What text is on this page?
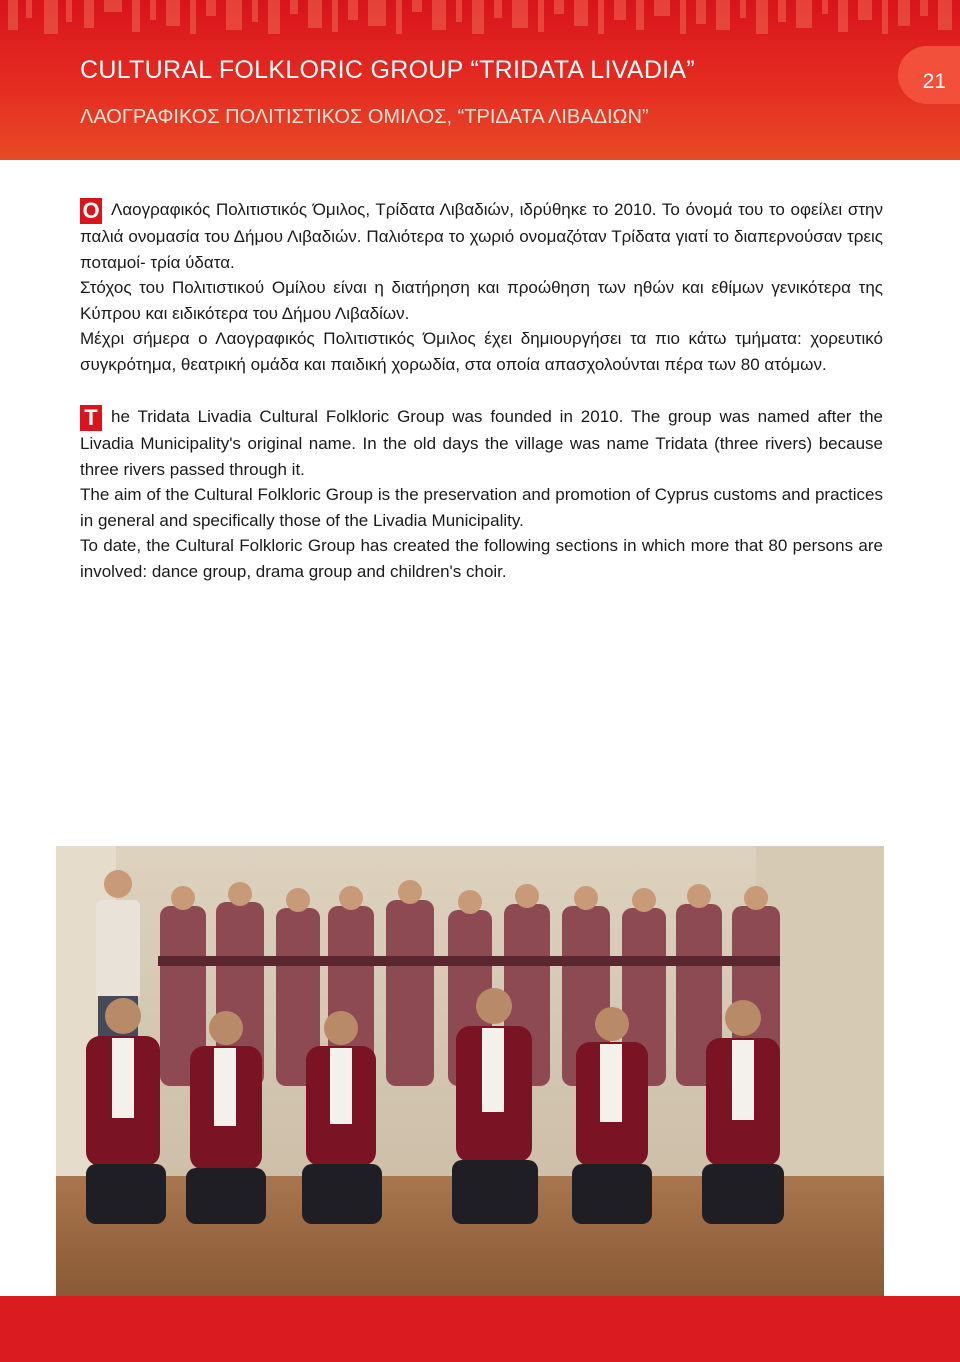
CULTURAL FOLKLORIC GROUP “TRIDATA LIVADIA”
ΛΑΟΓΡΑΦΙΚΟΣ ΠΟΛΙΤΙΣΤΙΚΟΣ ΟΜΙΛΟΣ, “ΤΡΙΔΑΤΑ ΛΙΒΑΔΙΩΝ”
21

Ο Λαογραφικός Πολιτιστικός Όμιλος, Τρίδατα Λιβαδιών, ιδρύθηκε το 2010. Το όνομά του το οφείλει στην παλιά ονομασία του Δήμου Λιβαδιών. Παλιότερα το χωριό ονομαζόταν Τρίδατα γιατί το διαπερνούσαν τρεις ποταμοί- τρία ύδατα.

Στόχος του Πολιτιστικού Ομίλου είναι η διατήρηση και προώθηση των ηθών και εθίμων γενικότερα της Κύπρου και ειδικότερα του Δήμου Λιβαδίων.

Μέχρι σήμερα ο Λαογραφικός Πολιτιστικός Όμιλος έχει δημιουργήσει τα πιο κάτω τμήματα: χορευτικό συγκρότημα, θεατρική ομάδα και παιδική χορωδία, στα οποία απασχολούνται πέρα των 80 ατόμων.

T he Tridata Livadia Cultural Folkloric Group was founded in 2010. The group was named after the Livadia Municipality's original name. In the old days the village was name Tridata (three rivers) because three rivers passed through it.

The aim of the Cultural Folkloric Group is the preservation and promotion of Cyprus customs and practices in general and specifically those of the Livadia Municipality.

To date, the Cultural Folkloric Group has created the following sections in which more that 80 persons are involved: dance group, drama group and children's choir.
